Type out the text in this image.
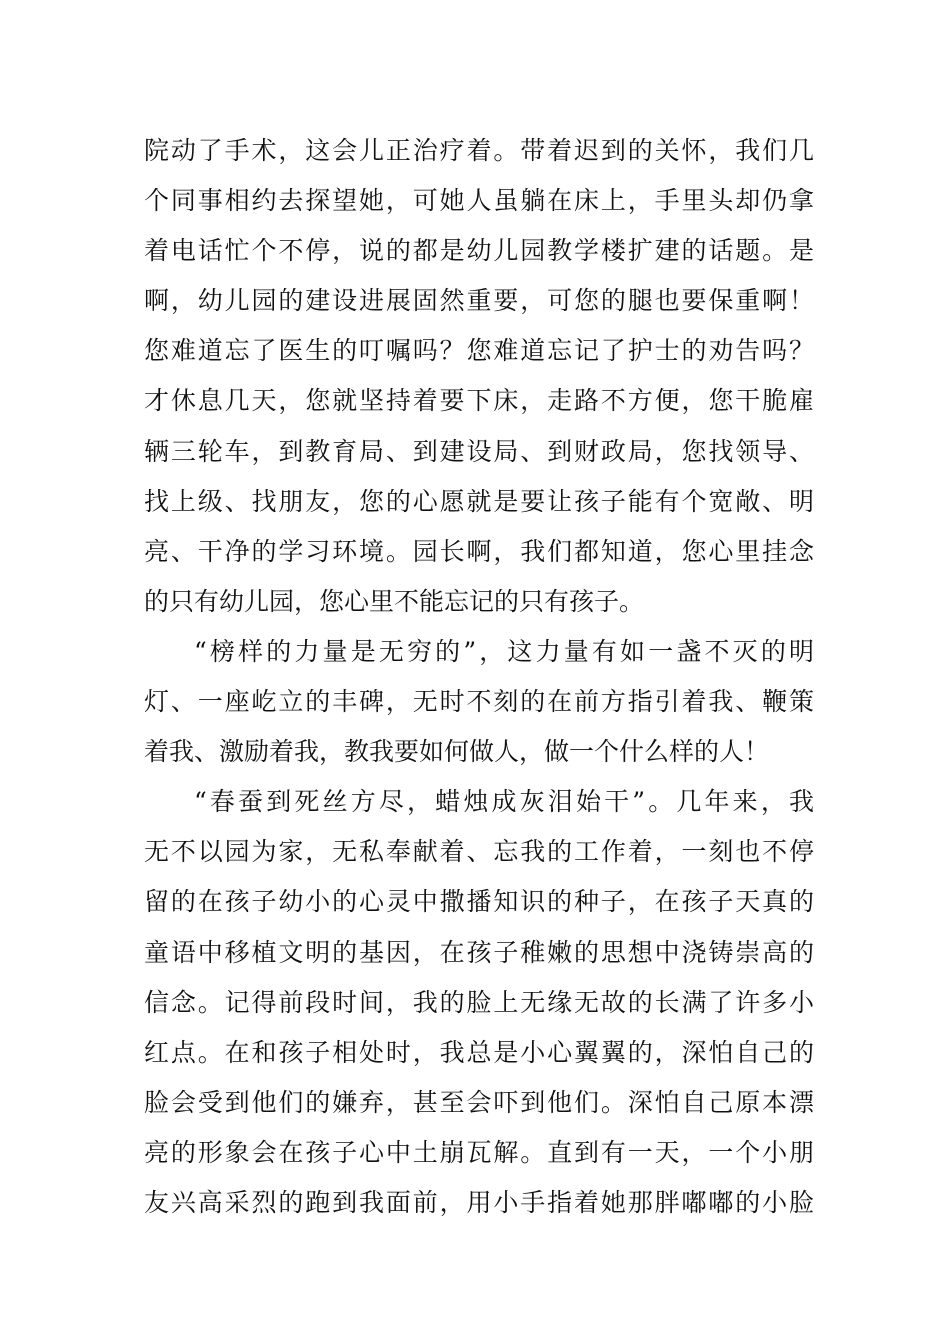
院动了手术，这会儿正治疗着。带着迟到的关怀，我们几
个同事相约去探望她，可她人虽躺在床上，手里头却仍拿
着电话忙个不停，说的都是幼儿园教学楼扩建的话题。是
啊，幼儿园的建设进展固然重要，可您的腿也要保重啊！
您难道忘了医生的叮嘱吗？您难道忘记了护士的劝告吗？
才休息几天，您就坚持着要下床，走路不方便，您干脆雇
辆三轮车，到教育局、到建设局、到财政局，您找领导、
找上级、找朋友，您的心愿就是要让孩子能有个宽敞、明
亮、干净的学习环境。园长啊，我们都知道，您心里挂念
的只有幼儿园，您心里不能忘记的只有孩子。
“榜样的力量是无穷的”，这力量有如一盏不灭的明
灯、一座屹立的丰碑，无时不刻的在前方指引着我、鞭策
着我、激励着我，教我要如何做人，做一个什么样的人！
“春蚕到死丝方尽，蜡烛成灰泪始干”。几年来，我
无不以园为家，无私奉献着、忘我的工作着，一刻也不停
留的在孩子幼小的心灵中撒播知识的种子，在孩子天真的
童语中移植文明的基因，在孩子稚嫩的思想中浇铸崇高的
信念。记得前段时间，我的脸上无缘无故的长满了许多小
红点。在和孩子相处时，我总是小心翼翼的，深怕自己的
脸会受到他们的嫌弃，甚至会吓到他们。深怕自己原本漂
亮的形象会在孩子心中土崩瓦解。直到有一天，一个小朋
友兴高采烈的跑到我面前，用小手指着她那胖嘟嘟的小脸
